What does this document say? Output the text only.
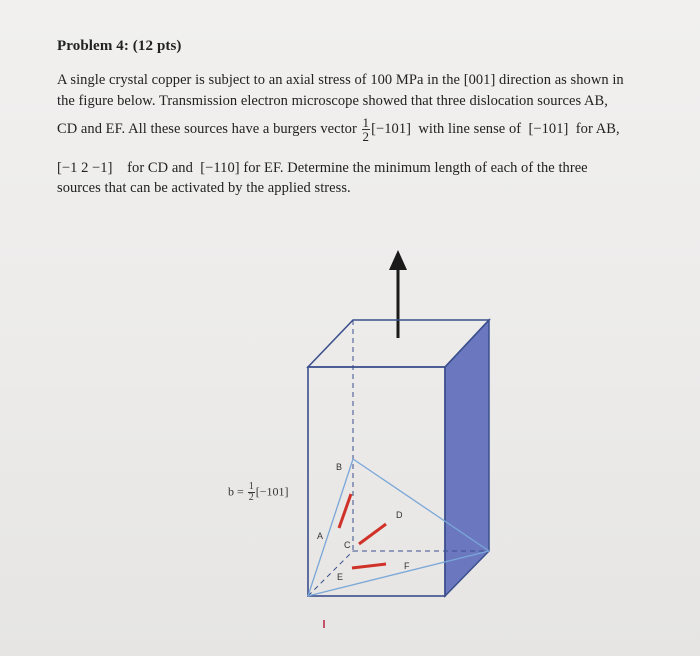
Problem 4: (12 pts)
A single crystal copper is subject to an axial stress of 100 MPa in the [001] direction as shown in
the figure below. Transmission electron microscope showed that three dislocation sources AB,
CD and EF. All these sources have a burgers vector $\frac{1}{2} [-101]$ with line sense of [−101] for AB,
[−1 2 −1] for CD and [−110] for EF. Determine the minimum length of each of the three
sources that can be activated by the applied stress.
B
A
C
D
E
F
$b = \frac{1}{2} [-101]$
